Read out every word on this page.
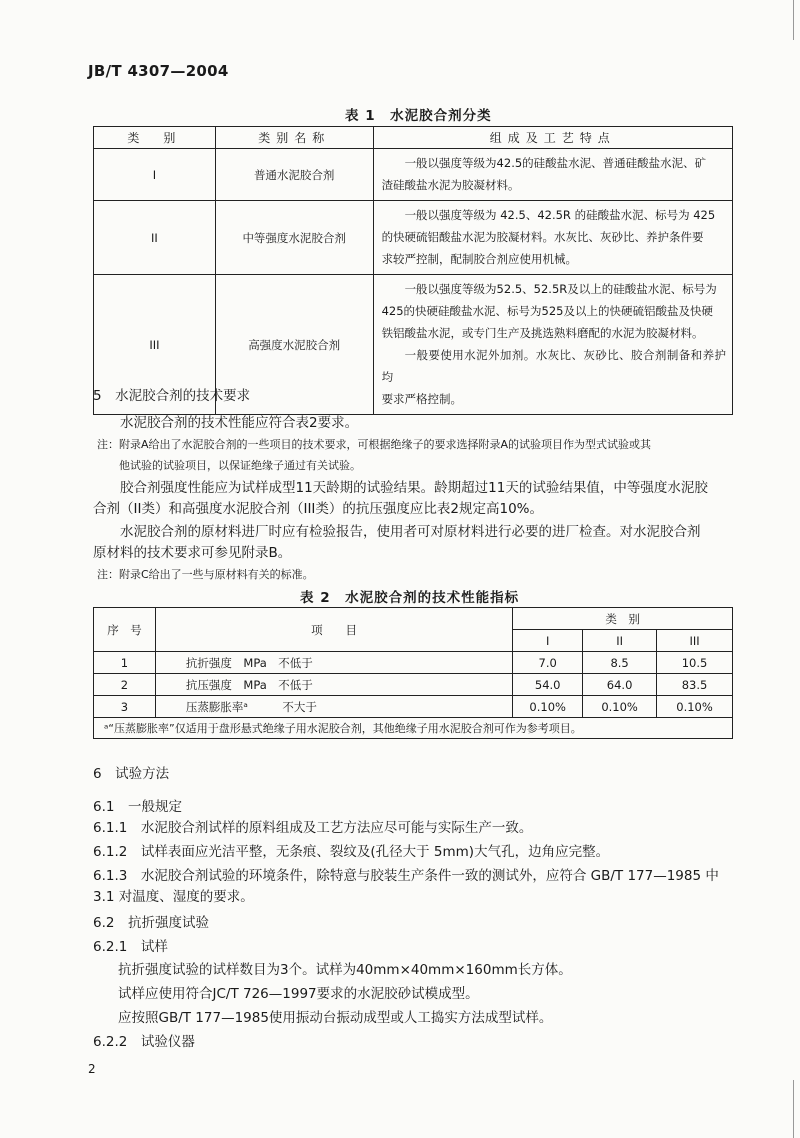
JB/T 4307—2004
表 1　水泥胶合剂分类
类　别	类别名称	组成及工艺特点
I	普通水泥胶合剂	一般以强度等级为42.5的硅酸盐水泥、普通硅酸盐水泥、矿
渣硅酸盐水泥为胶凝材料。

II	中等强度水泥胶合剂	一般以强度等级为 42.5、42.5R 的硅酸盐水泥、标号为 425
的快硬硫铝酸盐水泥为胶凝材料。水灰比、灰砂比、养护条件要
求较严控制，配制胶合剂应使用机械。

III	高强度水泥胶合剂	一般以强度等级为52.5、52.5R及以上的硅酸盐水泥、标号为
425的快硬硅酸盐水泥、标号为525及以上的快硬硫铝酸盐及快硬
铁铝酸盐水泥，或专门生产及挑选熟料磨配的水泥为胶凝材料。
一般要使用水泥外加剂。水灰比、灰砂比、胶合剂制备和养护均
要求严格控制。
5　水泥胶合剂的技术要求
水泥胶合剂的技术性能应符合表2要求。
注：附录A给出了水泥胶合剂的一些项目的技术要求，可根据绝缘子的要求选择附录A的试验项目作为型式试验或其
他试验的试验项目，以保证绝缘子通过有关试验。
胶合剂强度性能应为试样成型11天龄期的试验结果。龄期超过11天的试验结果值，中等强度水泥胶
合剂（II类）和高强度水泥胶合剂（III类）的抗压强度应比表2规定高10%。
水泥胶合剂的原材料进厂时应有检验报告，使用者可对原材料进行必要的进厂检查。对水泥胶合剂
原材料的技术要求可参见附录B。
注：附录C给出了一些与原材料有关的标准。
表 2　水泥胶合剂的技术性能指标
序　号	项　　目	类　别		
		I	II	III
1	抗折强度　MPa　不低于	7.0	8.5	10.5
2	抗压强度　MPa　不低于	54.0	64.0	83.5
3	压蒸膨胀率ᵃ　　　不大于	0.10%	0.10%	0.10%
ᵃ“压蒸膨胀率”仅适用于盘形悬式绝缘子用水泥胶合剂，其他绝缘子用水泥胶合剂可作为参考项目。				
6　试验方法
6.1　一般规定
6.1.1　水泥胶合剂试样的原料组成及工艺方法应尽可能与实际生产一致。
6.1.2　试样表面应光洁平整，无条痕、裂纹及(孔径大于 5mm)大气孔，边角应完整。
6.1.3　水泥胶合剂试验的环境条件，除特意与胶装生产条件一致的测试外，应符合 GB/T 177—1985 中
3.1 对温度、湿度的要求。
6.2　抗折强度试验
6.2.1　试样
抗折强度试验的试样数目为3个。试样为40mm×40mm×160mm长方体。
试样应使用符合JC/T 726—1997要求的水泥胶砂试模成型。
应按照GB/T 177—1985使用振动台振动成型或人工捣实方法成型试样。
6.2.2　试验仪器
2
